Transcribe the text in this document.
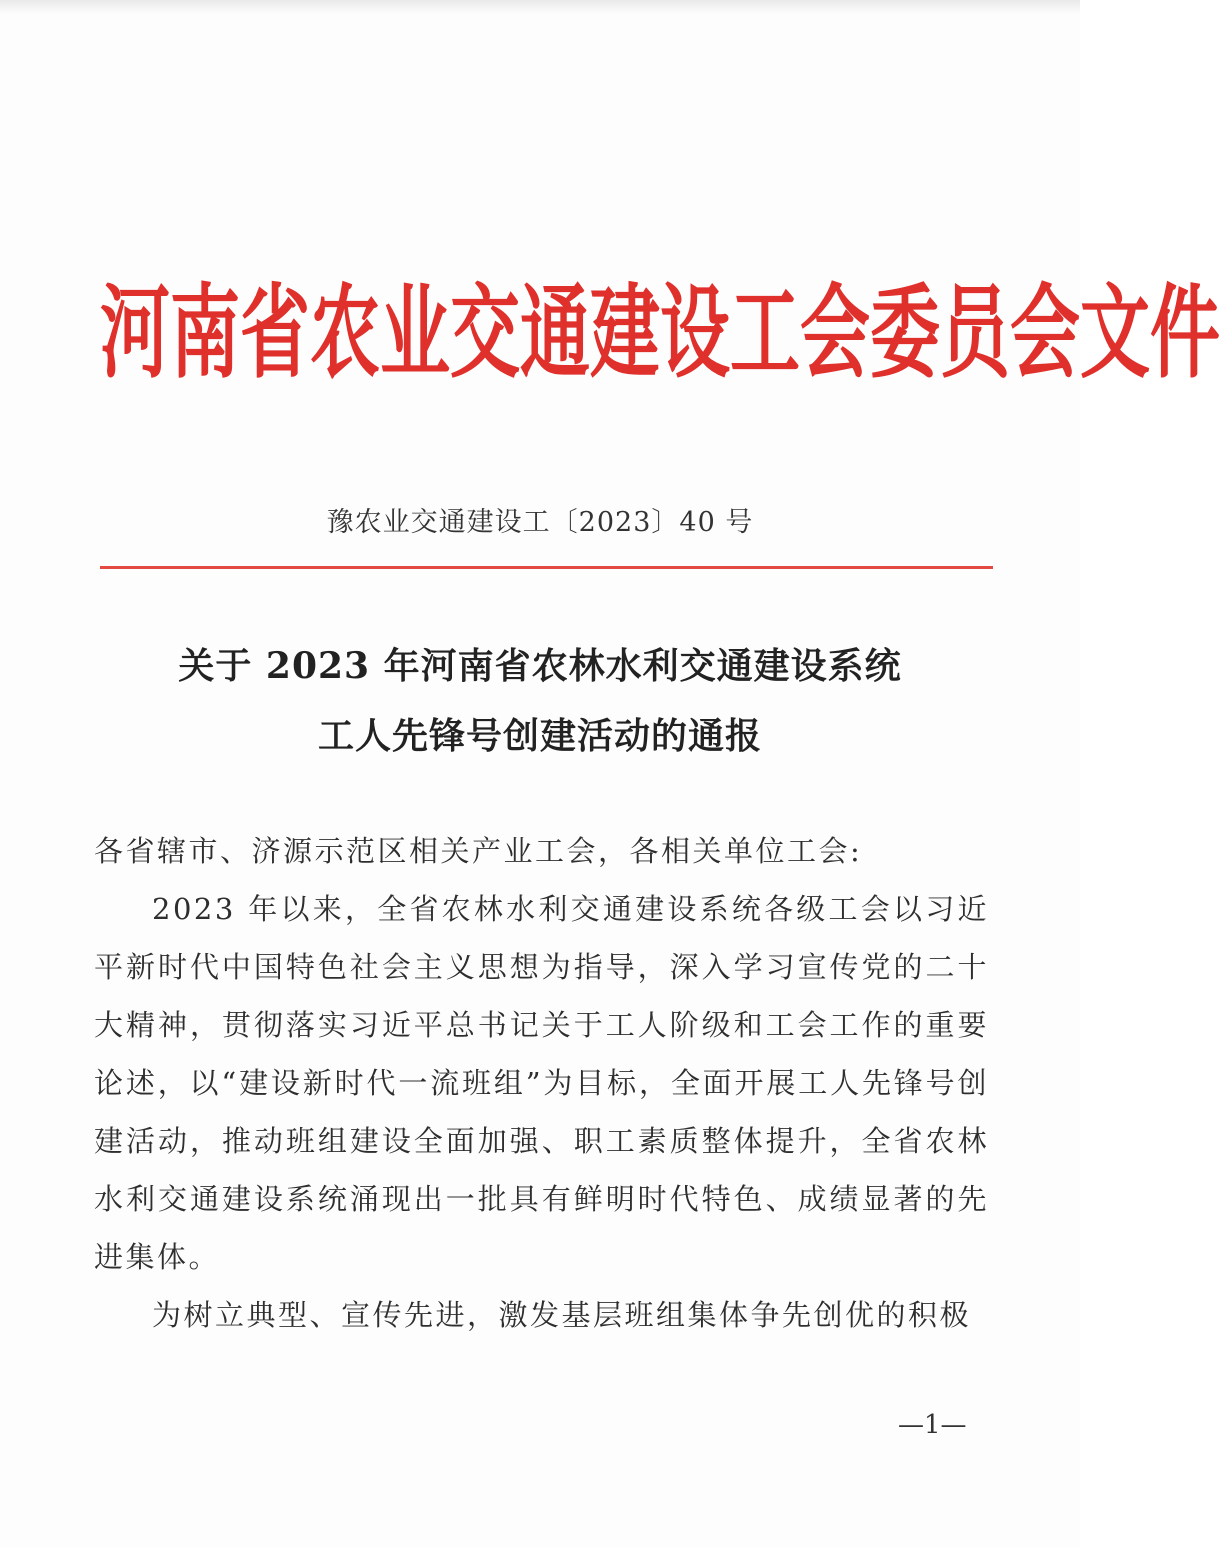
河南省农业交通建设工会委员会文件
豫农业交通建设工〔2023〕40 号
关于 2023 年河南省农林水利交通建设系统
工人先锋号创建活动的通报
各省辖市、济源示范区相关产业工会，各相关单位工会:
2023 年以来，全省农林水利交通建设系统各级工会以习近平新时代中国特色社会主义思想为指导，深入学习宣传党的二十大精神，贯彻落实习近平总书记关于工人阶级和工会工作的重要论述，以“建设新时代一流班组”为目标，全面开展工人先锋号创建活动，推动班组建设全面加强、职工素质整体提升，全省农林水利交通建设系统涌现出一批具有鲜明时代特色、成绩显著的先进集体。
为树立典型、宣传先进，激发基层班组集体争先创优的积极
—1—
